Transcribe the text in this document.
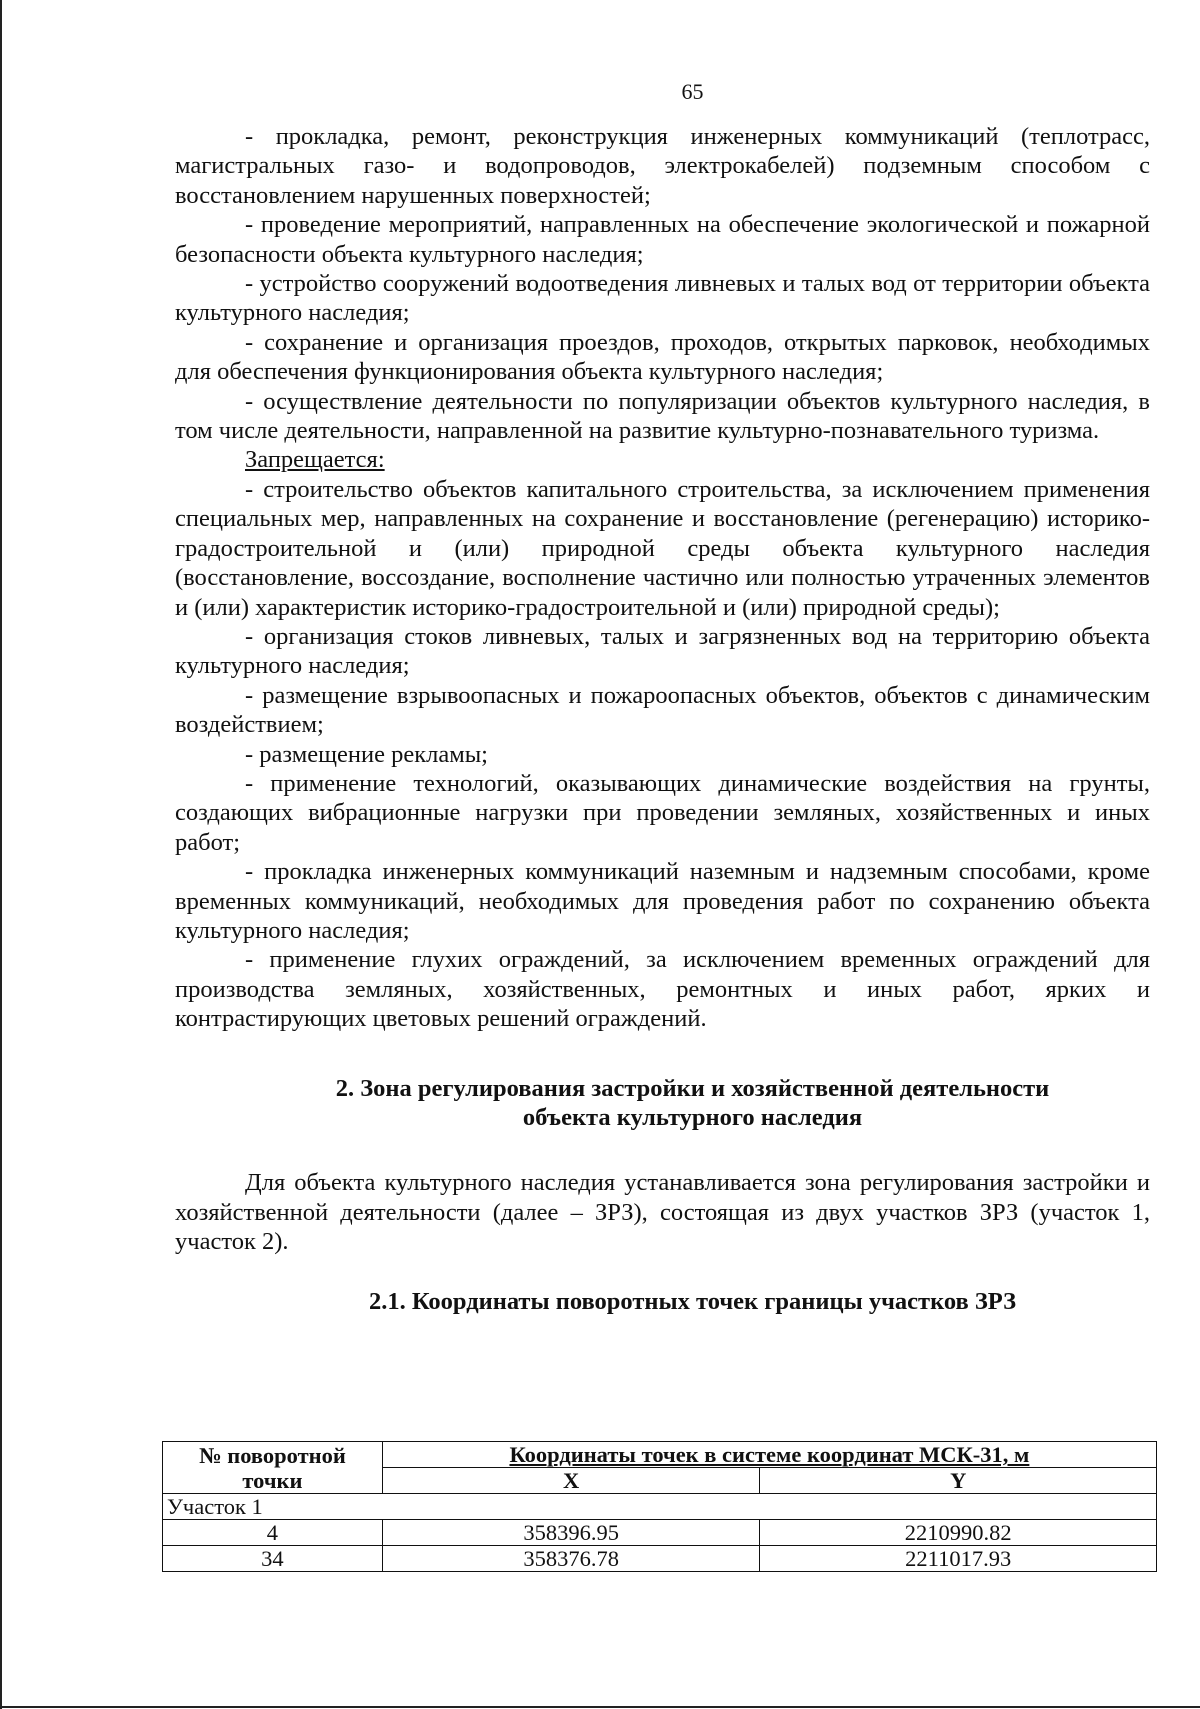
65

- прокладка, ремонт, реконструкция инженерных коммуникаций (теплотрасс, магистральных газо- и водопроводов, электрокабелей) подземным способом с восстановлением нарушенных поверхностей;

- проведение мероприятий, направленных на обеспечение экологической и пожарной безопасности объекта культурного наследия;

- устройство сооружений водоотведения ливневых и талых вод от территории объекта культурного наследия;

- сохранение и организация проездов, проходов, открытых парковок, необходимых для обеспечения функционирования объекта культурного наследия;

- осуществление деятельности по популяризации объектов культурного наследия, в том числе деятельности, направленной на развитие культурно-познавательного туризма.

Запрещается:

- строительство объектов капитального строительства, за исключением применения специальных мер, направленных на сохранение и восстановление (регенерацию) историко-градостроительной и (или) природной среды объекта культурного наследия (восстановление, воссоздание, восполнение частично или полностью утраченных элементов и (или) характеристик историко-градостроительной и (или) природной среды);

- организация стоков ливневых, талых и загрязненных вод на территорию объекта культурного наследия;

- размещение взрывоопасных и пожароопасных объектов, объектов с динамическим воздействием;

- размещение рекламы;

- применение технологий, оказывающих динамические воздействия на грунты, создающих вибрационные нагрузки при проведении земляных, хозяйственных и иных работ;

- прокладка инженерных коммуникаций наземным и надземным способами, кроме временных коммуникаций, необходимых для проведения работ по сохранению объекта культурного наследия;

- применение глухих ограждений, за исключением временных ограждений для производства земляных, хозяйственных, ремонтных и иных работ, ярких и контрастирующих цветовых решений ограждений.

2. Зона регулирования застройки и хозяйственной деятельности
объекта культурного наследия

Для объекта культурного наследия устанавливается зона регулирования застройки и хозяйственной деятельности (далее – ЗРЗ), состоящая из двух участков ЗРЗ (участок 1, участок 2).

2.1. Координаты поворотных точек границы участков ЗРЗ
№ поворотной
точки	Координаты точек в системе координат МСК-31, м	
	X	Y
Участок 1		
4	358396.95	2210990.82
34	358376.78	2211017.93
